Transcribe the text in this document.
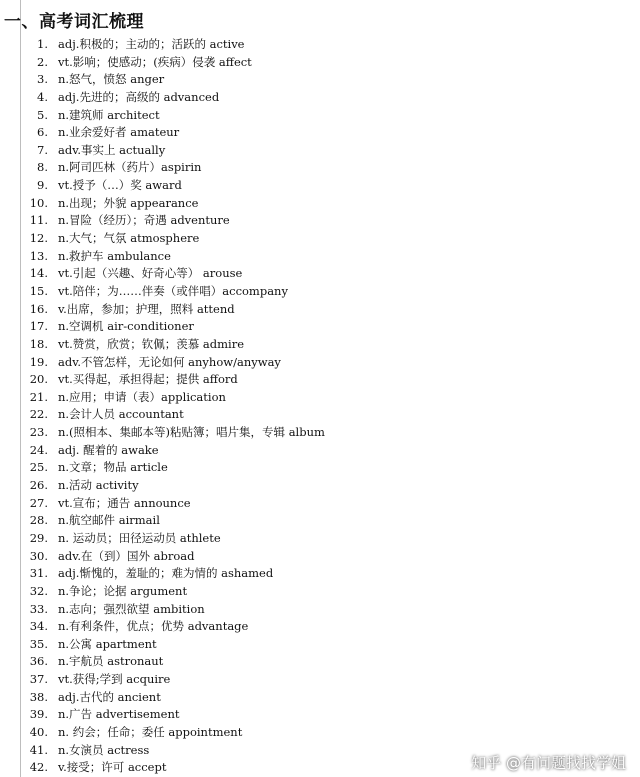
一、高考词汇梳理
1. adj.积极的；主动的；活跃的 active
2. vt.影响；使感动；(疾病）侵袭 affect
3. n.怒气，愤怒 anger
4. adj.先进的；高级的 advanced
5. n.建筑师 architect
6. n.业余爱好者 amateur
7. adv.事实上 actually
8. n.阿司匹林（药片）aspirin
9. vt.授予（…）奖 award
10. n.出现；外貌 appearance
11. n.冒险（经历）；奇遇 adventure
12. n.大气；气氛 atmosphere
13. n.救护车 ambulance
14. vt.引起（兴趣、好奇心等） arouse
15. vt.陪伴；为……伴奏（或伴唱）accompany
16. v.出席，参加；护理，照料 attend
17. n.空调机 air-conditioner
18. vt.赞赏，欣赏；钦佩；羡慕 admire
19. adv.不管怎样，无论如何 anyhow/anyway
20. vt.买得起，承担得起；提供 afford
21. n.应用；申请（表）application
22. n.会计人员 accountant
23. n.(照相本、集邮本等)粘贴簿；唱片集，专辑 album
24. adj. 醒着的 awake
25. n.文章；物品 article
26. n.活动 activity
27. vt.宣布；通告 announce
28. n.航空邮件 airmail
29. n. 运动员；田径运动员 athlete
30. adv.在（到）国外 abroad
31. adj.惭愧的，羞耻的；难为情的 ashamed
32. n.争论；论据 argument
33. n.志向；强烈欲望 ambition
34. n.有利条件，优点；优势 advantage
35. n.公寓 apartment
36. n.宇航员 astronaut
37. vt.获得;学到 acquire
38. adj.古代的 ancient
39. n.广告 advertisement
40. n. 约会；任命；委任 appointment
41. n.女演员 actress
42. v.接受；许可 accept	知乎 @有问题找找学姐
